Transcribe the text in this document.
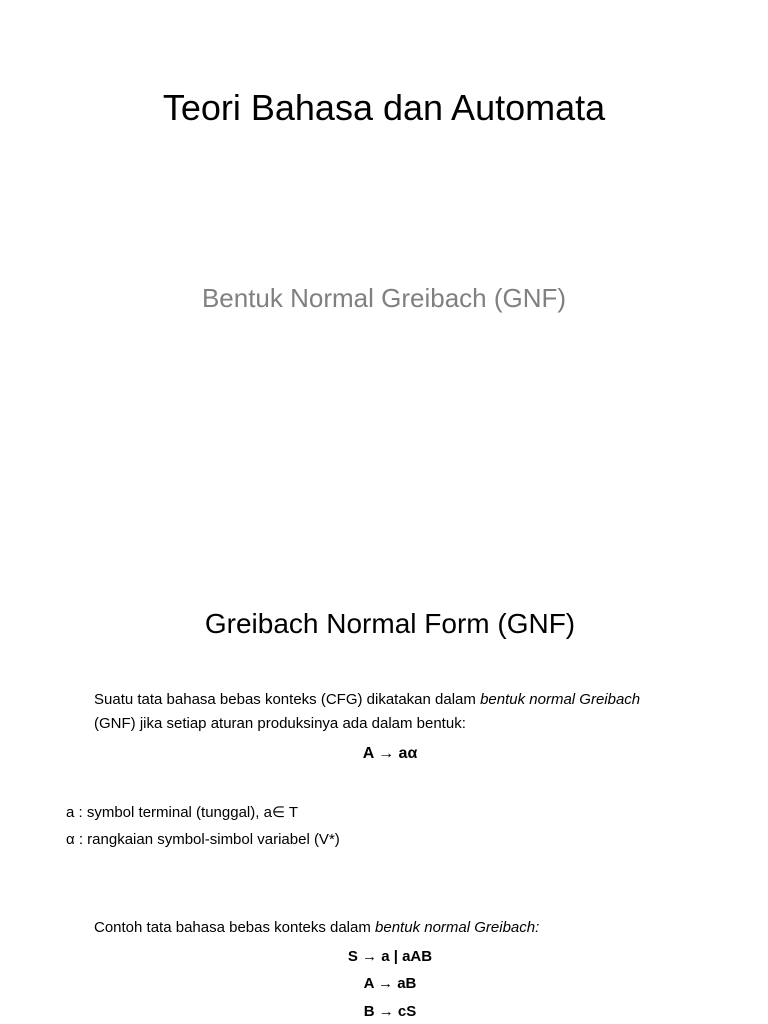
Teori Bahasa dan Automata
Bentuk Normal Greibach (GNF)
Greibach Normal Form (GNF)
Suatu tata bahasa bebas konteks (CFG) dikatakan dalam bentuk normal Greibach
(GNF) jika setiap aturan produksinya ada dalam bentuk:
A → aα
a : symbol terminal (tunggal), a∈ T
α : rangkaian symbol-simbol variabel (V*)
Contoh tata bahasa bebas konteks dalam bentuk normal Greibach:
S → a | aAB
A → aB
B → cS
